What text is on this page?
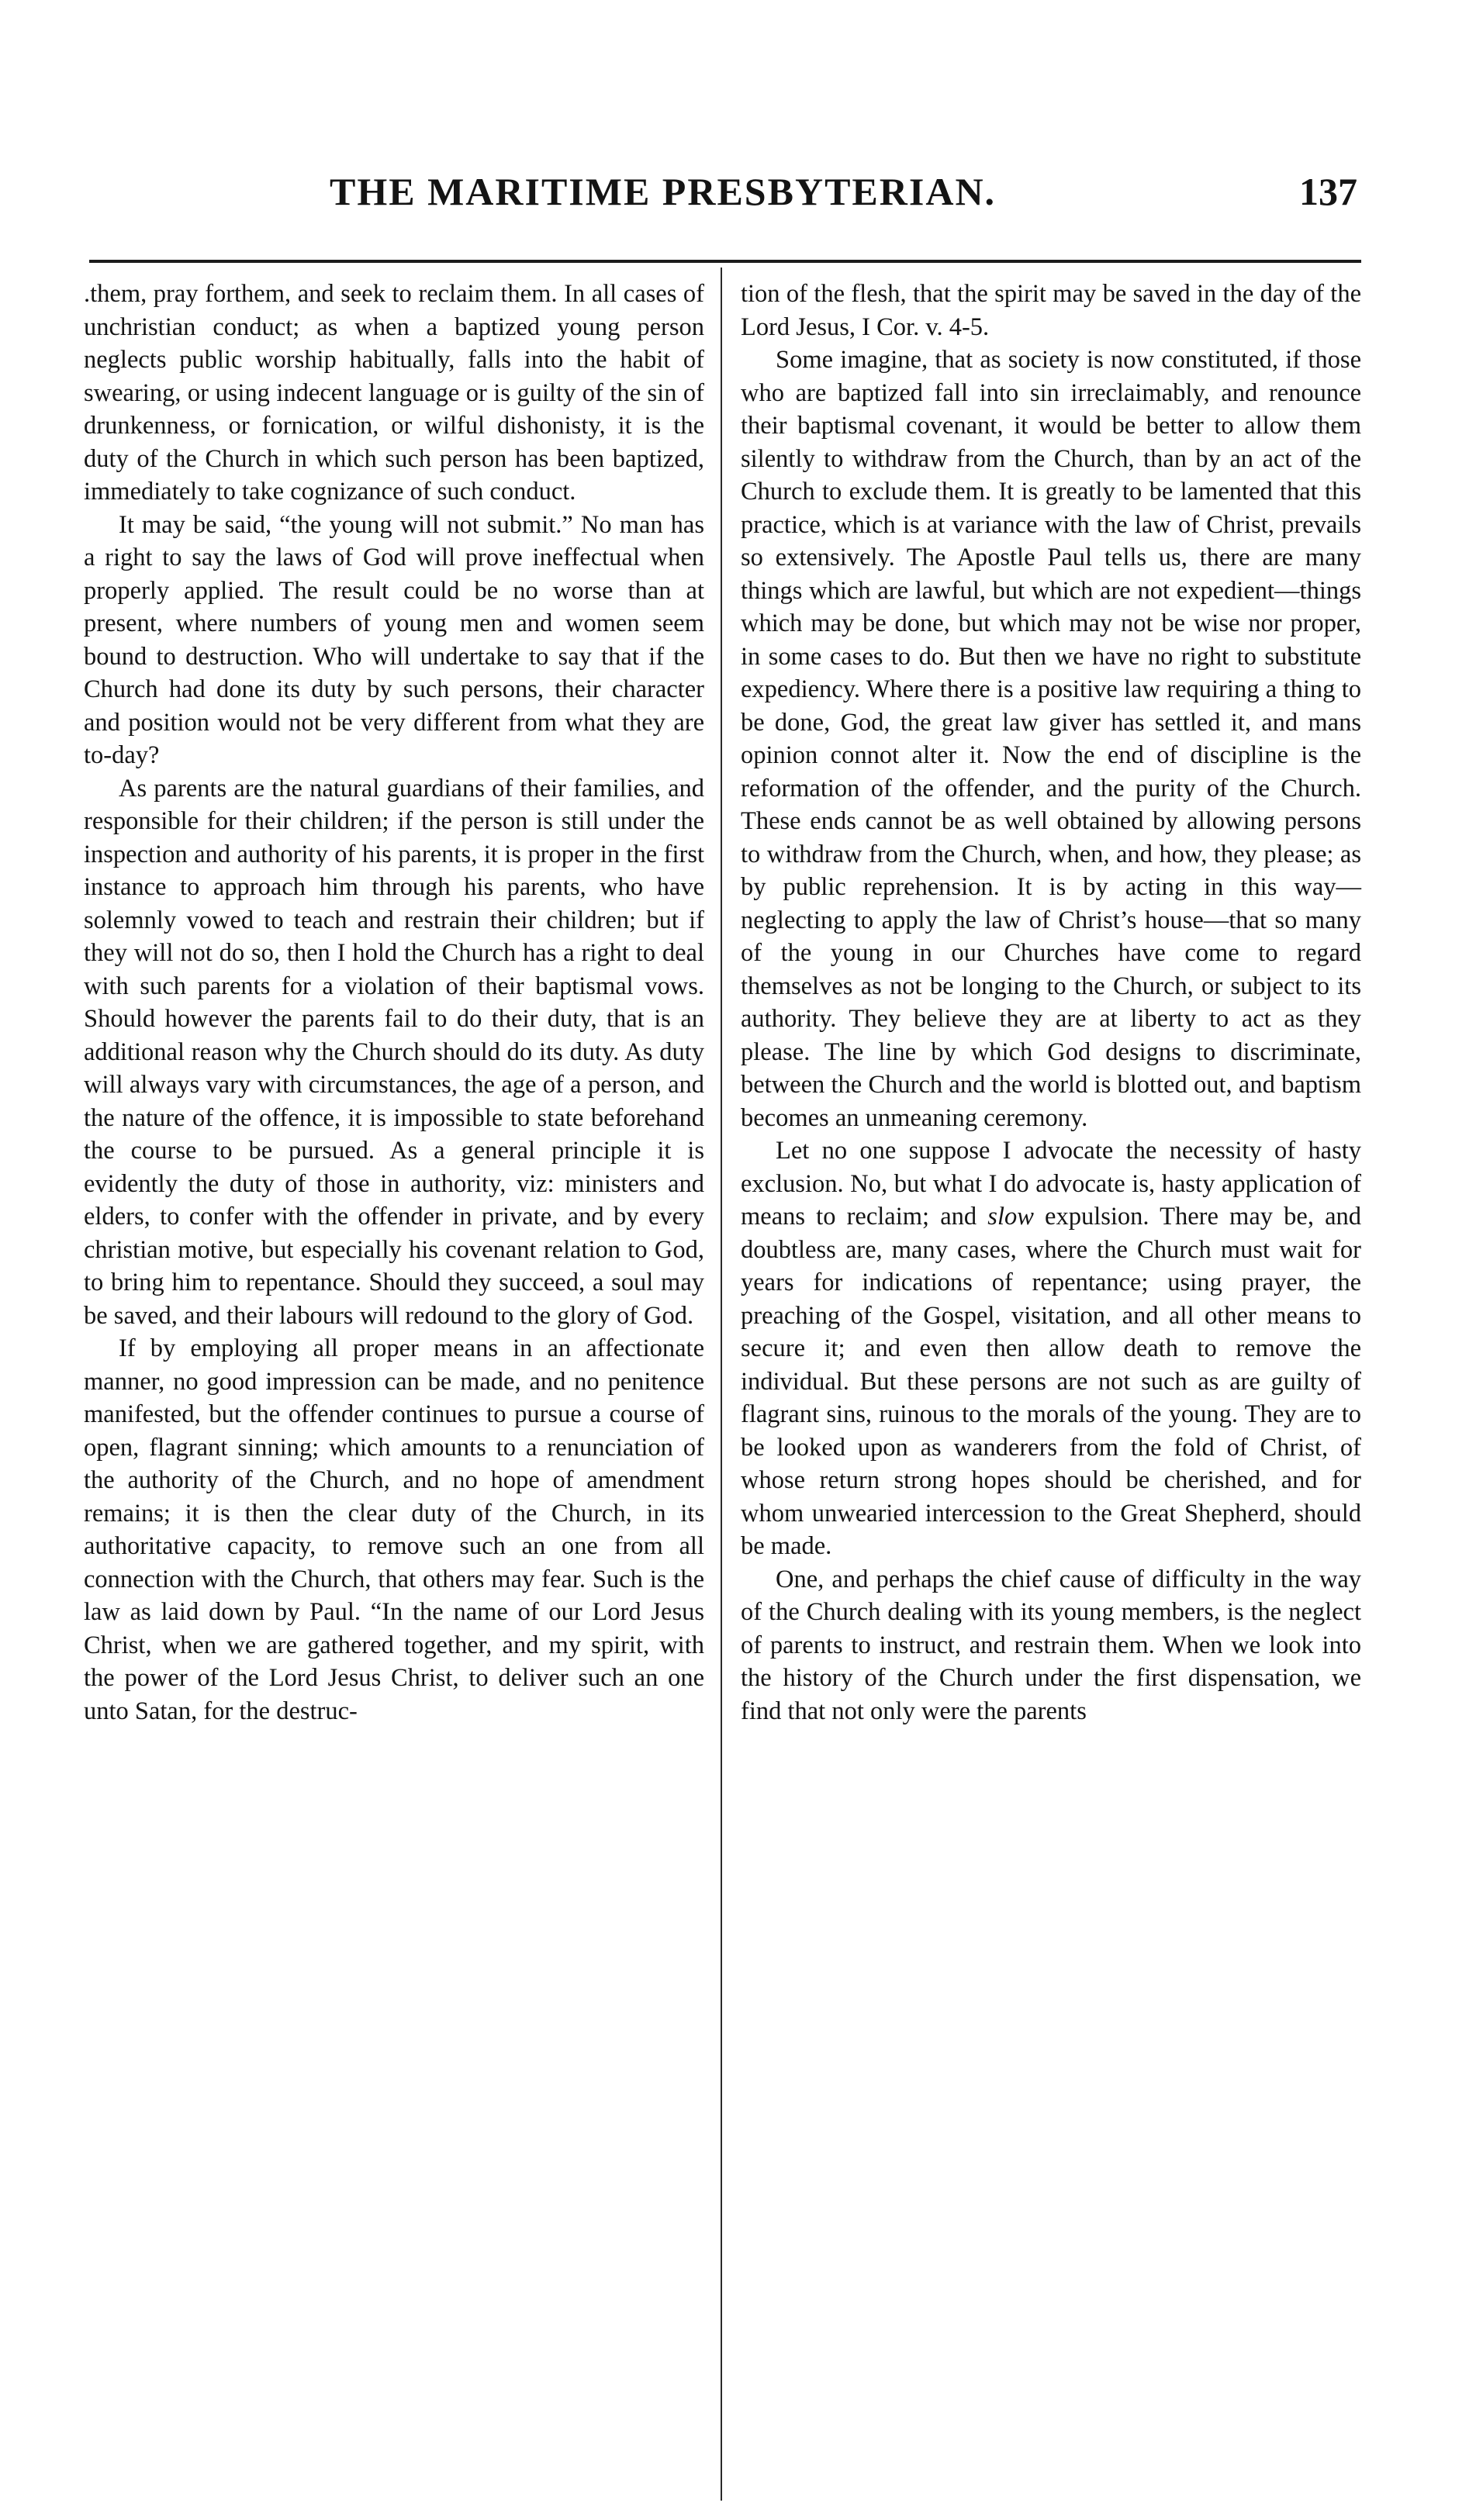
THE MARITIME PRESBYTERIAN.	137

.them, pray forthem, and seek to reclaim them. In all cases of unchristian conduct; as when a baptized young person neglects public worship habitually, falls into the habit of swearing, or using indecent language or is guilty of the sin of drunkenness, or fornication, or wilful dishonisty, it is the duty of the Church in which such person has been baptized, immediately to take cognizance of such conduct.

It may be said, “the young will not submit.” No man has a right to say the laws of God will prove ineffectual when properly applied. The result could be no worse than at present, where numbers of young men and women seem bound to destruction. Who will undertake to say that if the Church had done its duty by such persons, their character and position would not be very different from what they are to-day?

As parents are the natural guardians of their families, and responsible for their children; if the person is still under the inspection and authority of his parents, it is proper in the first instance to approach him through his parents, who have solemnly vowed to teach and restrain their children; but if they will not do so, then I hold the Church has a right to deal with such parents for a violation of their baptismal vows. Should however the parents fail to do their duty, that is an additional reason why the Church should do its duty. As duty will always vary with circumstances, the age of a person, and the nature of the offence, it is impossible to state beforehand the course to be pursued. As a general principle it is evidently the duty of those in authority, viz: ministers and elders, to confer with the offender in private, and by every christian motive, but especially his covenant relation to God, to bring him to repentance. Should they succeed, a soul may be saved, and their labours will redound to the glory of God.

If by employing all proper means in an affectionate manner, no good impression can be made, and no penitence manifested, but the offender continues to pursue a course of open, flagrant sinning; which amounts to a renunciation of the authority of the Church, and no hope of amendment remains; it is then the clear duty of the Church, in its authoritative capacity, to remove such an one from all connection with the Church, that others may fear. Such is the law as laid down by Paul. “In the name of our Lord Jesus Christ, when we are gathered together, and my spirit, with the power of the Lord Jesus Christ, to deliver such an one unto Satan, for the destruc-

tion of the flesh, that the spirit may be saved in the day of the Lord Jesus, I Cor. v. 4-5.

Some imagine, that as society is now constituted, if those who are baptized fall into sin irreclaimably, and renounce their baptismal covenant, it would be better to allow them silently to withdraw from the Church, than by an act of the Church to exclude them. It is greatly to be lamented that this practice, which is at variance with the law of Christ, prevails so extensively. The Apostle Paul tells us, there are many things which are lawful, but which are not expedient—things which may be done, but which may not be wise nor proper, in some cases to do. But then we have no right to substitute expediency. Where there is a positive law requiring a thing to be done, God, the great law giver has settled it, and mans opinion connot alter it. Now the end of discipline is the reformation of the offender, and the purity of the Church. These ends cannot be as well obtained by allowing persons to withdraw from the Church, when, and how, they please; as by public reprehension. It is by acting in this way—neglecting to apply the law of Christ’s house—that so many of the young in our Churches have come to regard themselves as not be longing to the Church, or subject to its authority. They believe they are at liberty to act as they please. The line by which God designs to discriminate, between the Church and the world is blotted out, and baptism becomes an unmeaning ceremony.

Let no one suppose I advocate the necessity of hasty exclusion. No, but what I do advocate is, hasty application of means to reclaim; and slow expulsion. There may be, and doubtless are, many cases, where the Church must wait for years for indications of repentance; using prayer, the preaching of the Gospel, visitation, and all other means to secure it; and even then allow death to remove the individual. But these persons are not such as are guilty of flagrant sins, ruinous to the morals of the young. They are to be looked upon as wanderers from the fold of Christ, of whose return strong hopes should be cherished, and for whom unwearied intercession to the Great Shepherd, should be made.

One, and perhaps the chief cause of difficulty in the way of the Church dealing with its young members, is the neglect of parents to instruct, and restrain them. When we look into the history of the Church under the first dispensation, we find that not only were the parents
